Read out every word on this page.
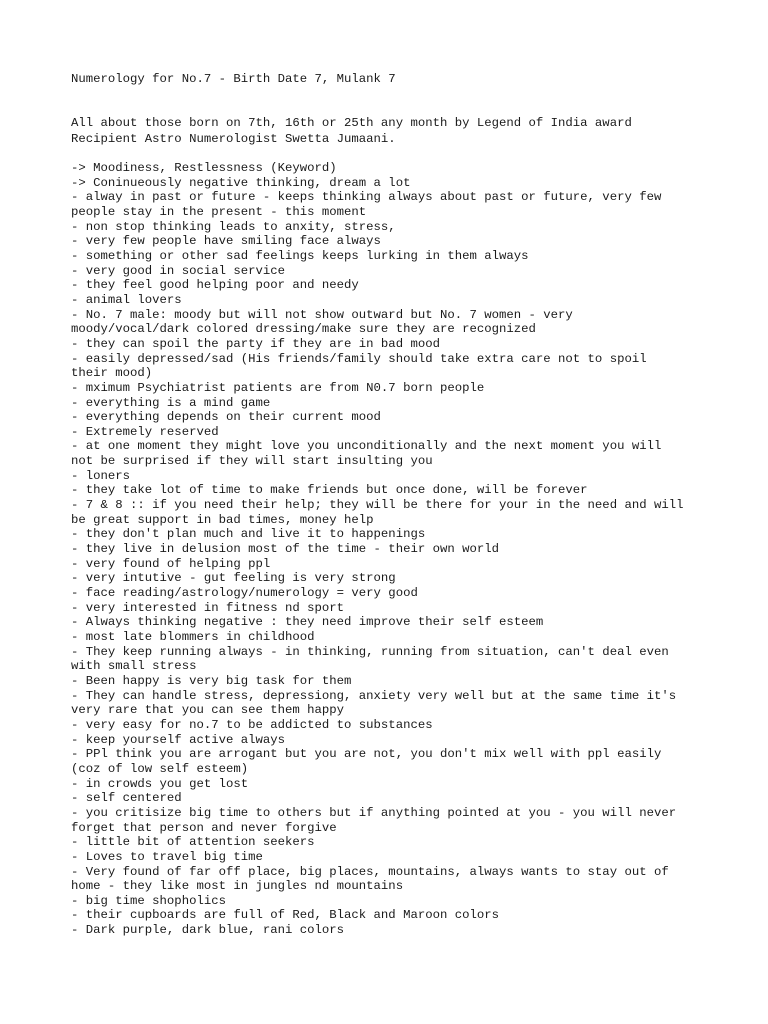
Numerology for No.7 - Birth Date 7, Mulank 7
All about those born on 7th, 16th or 25th any month by Legend of India award
Recipient Astro Numerologist Swetta Jumaani.
-> Moodiness, Restlessness (Keyword)
-> Coninueously negative thinking, dream a lot
- alway in past or future - keeps thinking always about past or future, very few
people stay in the present - this moment
- non stop thinking leads to anxity, stress,
- very few people have smiling face always
- something or other sad feelings keeps lurking in them always
- very good in social service
- they feel good helping poor and needy
- animal lovers
- No. 7 male: moody but will not show outward but No. 7 women - very
moody/vocal/dark colored dressing/make sure they are recognized
- they can spoil the party if they are in bad mood
- easily depressed/sad (His friends/family should take extra care not to spoil
their mood)
- mximum Psychiatrist patients are from N0.7 born people
- everything is a mind game
- everything depends on their current mood
- Extremely reserved
- at one moment they might love you unconditionally and the next moment you will
not be surprised if they will start insulting you
- loners
- they take lot of time to make friends but once done, will be forever
- 7 & 8 :: if you need their help; they will be there for your in the need and will
be great support in bad times, money help
- they don't plan much and live it to happenings
- they live in delusion most of the time - their own world
- very found of helping ppl
- very intutive - gut feeling is very strong
- face reading/astrology/numerology = very good
- very interested in fitness nd sport
- Always thinking negative : they need improve their self esteem
- most late blommers in childhood
- They keep running always - in thinking, running from situation, can't deal even
with small stress
- Been happy is very big task for them
- They can handle stress, depressiong, anxiety very well but at the same time it's
very rare that you can see them happy
- very easy for no.7 to be addicted to substances
- keep yourself active always
- PPl think you are arrogant but you are not, you don't mix well with ppl easily
(coz of low self esteem)
- in crowds you get lost
- self centered
- you critisize big time to others but if anything pointed at you - you will never
forget that person and never forgive
- little bit of attention seekers
- Loves to travel big time
- Very found of far off place, big places, mountains, always wants to stay out of
home - they like most in jungles nd mountains
- big time shopholics
- their cupboards are full of Red, Black and Maroon colors
- Dark purple, dark blue, rani colors
